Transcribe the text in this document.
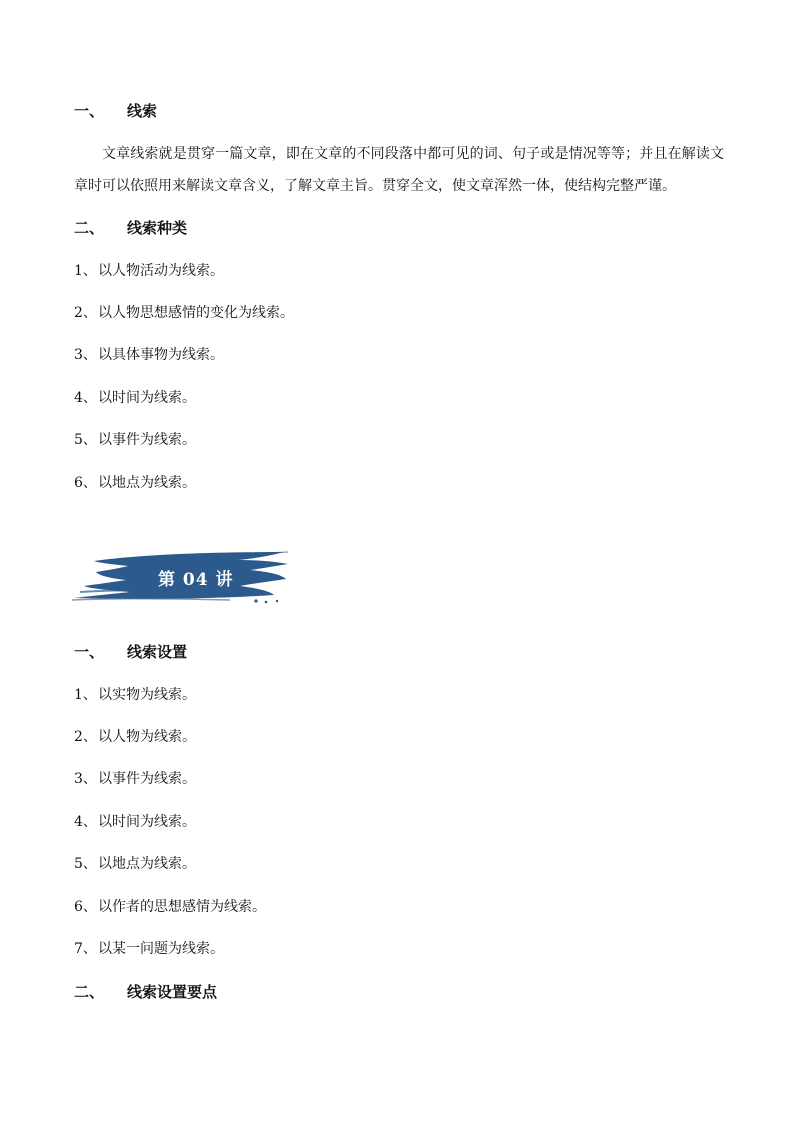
一、 线索

文章线索就是贯穿一篇文章，即在文章的不同段落中都可见的词、句子或是情况等等；并且在解读文章时可以依照用来解读文章含义，了解文章主旨。贯穿全文，使文章浑然一体，使结构完整严谨。

二、 线索种类
1、以人物活动为线索。
2、以人物思想感情的变化为线索。
3、以具体事物为线索。
4、以时间为线索。
5、以事件为线索。
6、以地点为线索。
第 04 讲
一、 线索设置
1、以实物为线索。
2、以人物为线索。
3、以事件为线索。
4、以时间为线索。
5、以地点为线索。
6、以作者的思想感情为线索。
7、以某一问题为线索。
二、 线索设置要点
